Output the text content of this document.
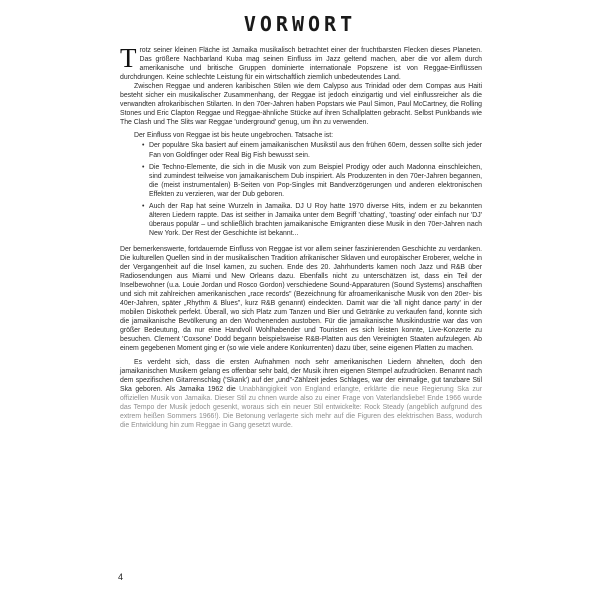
VORWORT

Trotz seiner kleinen Fläche ist Jamaika musikalisch betrachtet einer der fruchtbarsten Flecken dieses Planeten. Das größere Nachbarland Kuba mag seinen Einfluss im Jazz geltend machen, aber die vor allem durch amerikanische und britische Gruppen dominierte internationale Popszene ist von Reggae-Einflüssen durchdrungen. Keine schlechte Leistung für ein wirtschaftlich ziemlich unbedeutendes Land.

Zwischen Reggae und anderen karibischen Stilen wie dem Calypso aus Trinidad oder dem Compas aus Haiti besteht sicher ein musikalischer Zusammenhang, der Reggae ist jedoch einzigartig und viel einflussreicher als die verwandten afrokaribischen Stilarten. In den 70er-Jahren haben Popstars wie Paul Simon, Paul McCartney, die Rolling Stones und Eric Clapton Reggae und Reggae-ähnliche Stücke auf ihren Schallplatten gebracht. Selbst Punkbands wie The Clash und The Slits war Reggae 'underground' genug, um ihn zu verwenden.

Der Einfluss von Reggae ist bis heute ungebrochen. Tatsache ist:

• Der populäre Ska basiert auf einem jamaikanischen Musikstil aus den frühen 60ern, dessen sollte sich jeder Fan von Goldfinger oder Real Big Fish bewusst sein.
• Die Techno-Elemente, die sich in die Musik von zum Beispiel Prodigy oder auch Madonna einschleichen, sind zumindest teilweise von jamaikanischem Dub inspiriert. Als Produzenten in den 70er-Jahren begannen, die (meist instrumentalen) B-Seiten von Pop-Singles mit Bandverzögerungen und anderen elektronischen Effekten zu verzieren, war der Dub geboren.
• Auch der Rap hat seine Wurzeln in Jamaika. DJ U Roy hatte 1970 diverse Hits, indem er zu bekannten älteren Liedern rappte. Das ist seither in Jamaika unter dem Begriff 'chatting', 'toasting' oder einfach nur 'DJ' überaus populär – und schließlich brachten jamaikanische Emigranten diese Musik in den 70er-Jahren nach New York. Der Rest der Geschichte ist bekannt...

Der bemerkenswerte, fortdauernde Einfluss von Reggae ist vor allem seiner faszinierenden Geschichte zu verdanken. Die kulturellen Quellen sind in der musikalischen Tradition afrikanischer Sklaven und europäischer Eroberer, welche in der Vergangenheit auf die Insel kamen, zu suchen. Ende des 20. Jahrhunderts kamen noch Jazz und R&B über Radiosendungen aus Miami und New Orleans dazu. Ebenfalls nicht zu unterschätzen ist, dass ein Teil der Inselbewohner (u.a. Louie Jordan und Rosco Gordon) verschiedene Sound-Apparaturen (Sound Systems) anschafften und sich mit zahlreichen amerikanischen „race records" (Bezeichnung für afroamerikanische Musik von den 20er- bis 40er-Jahren, später „Rhythm & Blues", kurz R&B genannt) eindeckten. Damit war die 'all night dance party' in der mobilen Diskothek perfekt. Überall, wo sich Platz zum Tanzen und Bier und Getränke zu verkaufen fand, konnte sich die jamaikanische Bevölkerung an den Wochenenden austoben. Für die jamaikanische Musikindustrie war das von größer Bedeutung, da nur eine Handvoll Wohlhabender und Touristen es sich leisten konnte, Live-Konzerte zu besuchen. Clement 'Coxsone' Dodd begann beispielsweise R&B-Platten aus den Vereinigten Staaten aufzulegen. Ab einem gegebenen Moment ging er (so wie viele andere Konkurrenten) dazu über, seine eigenen Platten zu machen.

Es verdeht sich, dass die ersten Aufnahmen noch sehr amerikanischen Liedern ähnelten, doch den jamaikanischen Musikern gelang es offenbar sehr bald, der Musik ihren eigenen Stempel aufzudrücken. Benannt nach dem spezifischen Gitarrenschlag ('Skank') auf der „und"-Zählzeit jedes Schlages, war der einmalige, gut tanzbare Stil Ska geboren. Als Jamaika 1962 die Unabhängigkeit von England erlangte, erklärte die neue Regierung Ska zur offiziellen Musik von Jamaika. Dieser Stil zu chnen wurde also zu einer Frage von Vaterlandsliebe! Ende 1966 wurde das Tempo der Musik jedoch gesenkt, woraus sich ein neuer Stil entwickelte: Rock Steady (angeblich aufgrund des extrem heißen Sommers 1966!). Die Betonung verlagerte sich mehr auf die Figuren des elektrischen Bass, wodurch die Entwicklung hin zum Reggae in Gang gesetzt wurde.

4
